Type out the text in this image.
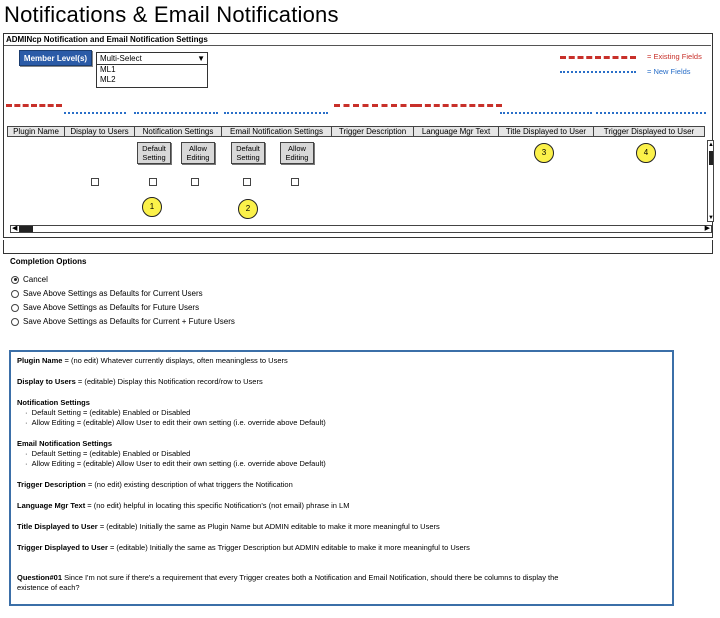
Notifications & Email Notifications
ADMINcp Notification and Email Notification Settings
Member Level(s)	Multi-Select	▼
ML1
ML2
= Existing Fields
= New Fields
Plugin Name	Display to Users	Notification Settings	Email Notification Settings	Trigger Description	Language Mgr Text	Title Displayed to User	Trigger Displayed to User
Default
Setting
Allow
Editing
Default
Setting
Allow
Editing
1	2
3	4
▲
▼
◀	▶
Completion Options
Cancel
Save Above Settings as Defaults for Current Users
Save Above Settings as Defaults for Future Users
Save Above Settings as Defaults for Current + Future Users
Plugin Name = (no edit) Whatever currently displays, often meaningless to Users
Display to Users = (editable) Display this Notification record/row to Users
Notification Settings
·  Default Setting = (editable) Enabled or Disabled
·  Allow Editing = (editable) Allow User to edit their own setting (i.e. override above Default)
Email Notification Settings
·  Default Setting = (editable) Enabled or Disabled
·  Allow Editing = (editable) Allow User to edit their own setting (i.e. override above Default)
Trigger Description = (no edit) existing description of what triggers the Notification
Language Mgr Text = (no edit) helpful in locating this specific Notification's (not email) phrase in LM
Title Displayed to User = (editable) Initially the same as Plugin Name but ADMIN editable to make it more meaningful to Users
Trigger Displayed to User = (editable) Initially the same as Trigger Description but ADMIN editable to make it more meaningful to Users
Question#01 Since I'm not sure if there's a requirement that every Trigger creates both a Notification and Email Notification, should there be columns to display the
existence of each?
